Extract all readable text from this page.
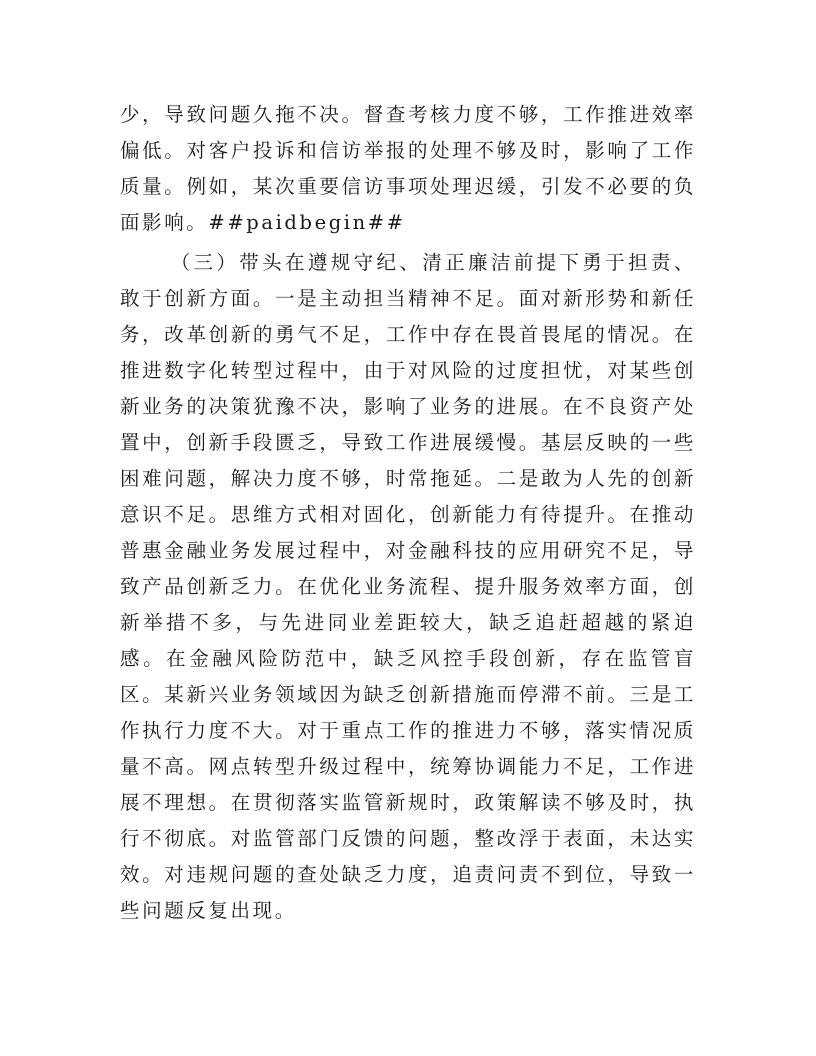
少，导致问题久拖不决。督查考核力度不够，工作推进效率偏低。对客户投诉和信访举报的处理不够及时，影响了工作质量。例如，某次重要信访事项处理迟缓，引发不必要的负面影响。##paidbegin##

（三）带头在遵规守纪、清正廉洁前提下勇于担责、敢于创新方面。一是主动担当精神不足。面对新形势和新任务，改革创新的勇气不足，工作中存在畏首畏尾的情况。在推进数字化转型过程中，由于对风险的过度担忧，对某些创新业务的决策犹豫不决，影响了业务的进展。在不良资产处置中，创新手段匮乏，导致工作进展缓慢。基层反映的一些困难问题，解决力度不够，时常拖延。二是敢为人先的创新意识不足。思维方式相对固化，创新能力有待提升。在推动普惠金融业务发展过程中，对金融科技的应用研究不足，导致产品创新乏力。在优化业务流程、提升服务效率方面，创新举措不多，与先进同业差距较大，缺乏追赶超越的紧迫感。在金融风险防范中，缺乏风控手段创新，存在监管盲区。某新兴业务领域因为缺乏创新措施而停滞不前。三是工作执行力度不大。对于重点工作的推进力不够，落实情况质量不高。网点转型升级过程中，统筹协调能力不足，工作进展不理想。在贯彻落实监管新规时，政策解读不够及时，执行不彻底。对监管部门反馈的问题，整改浮于表面，未达实效。对违规问题的查处缺乏力度，追责问责不到位，导致一些问题反复出现。
